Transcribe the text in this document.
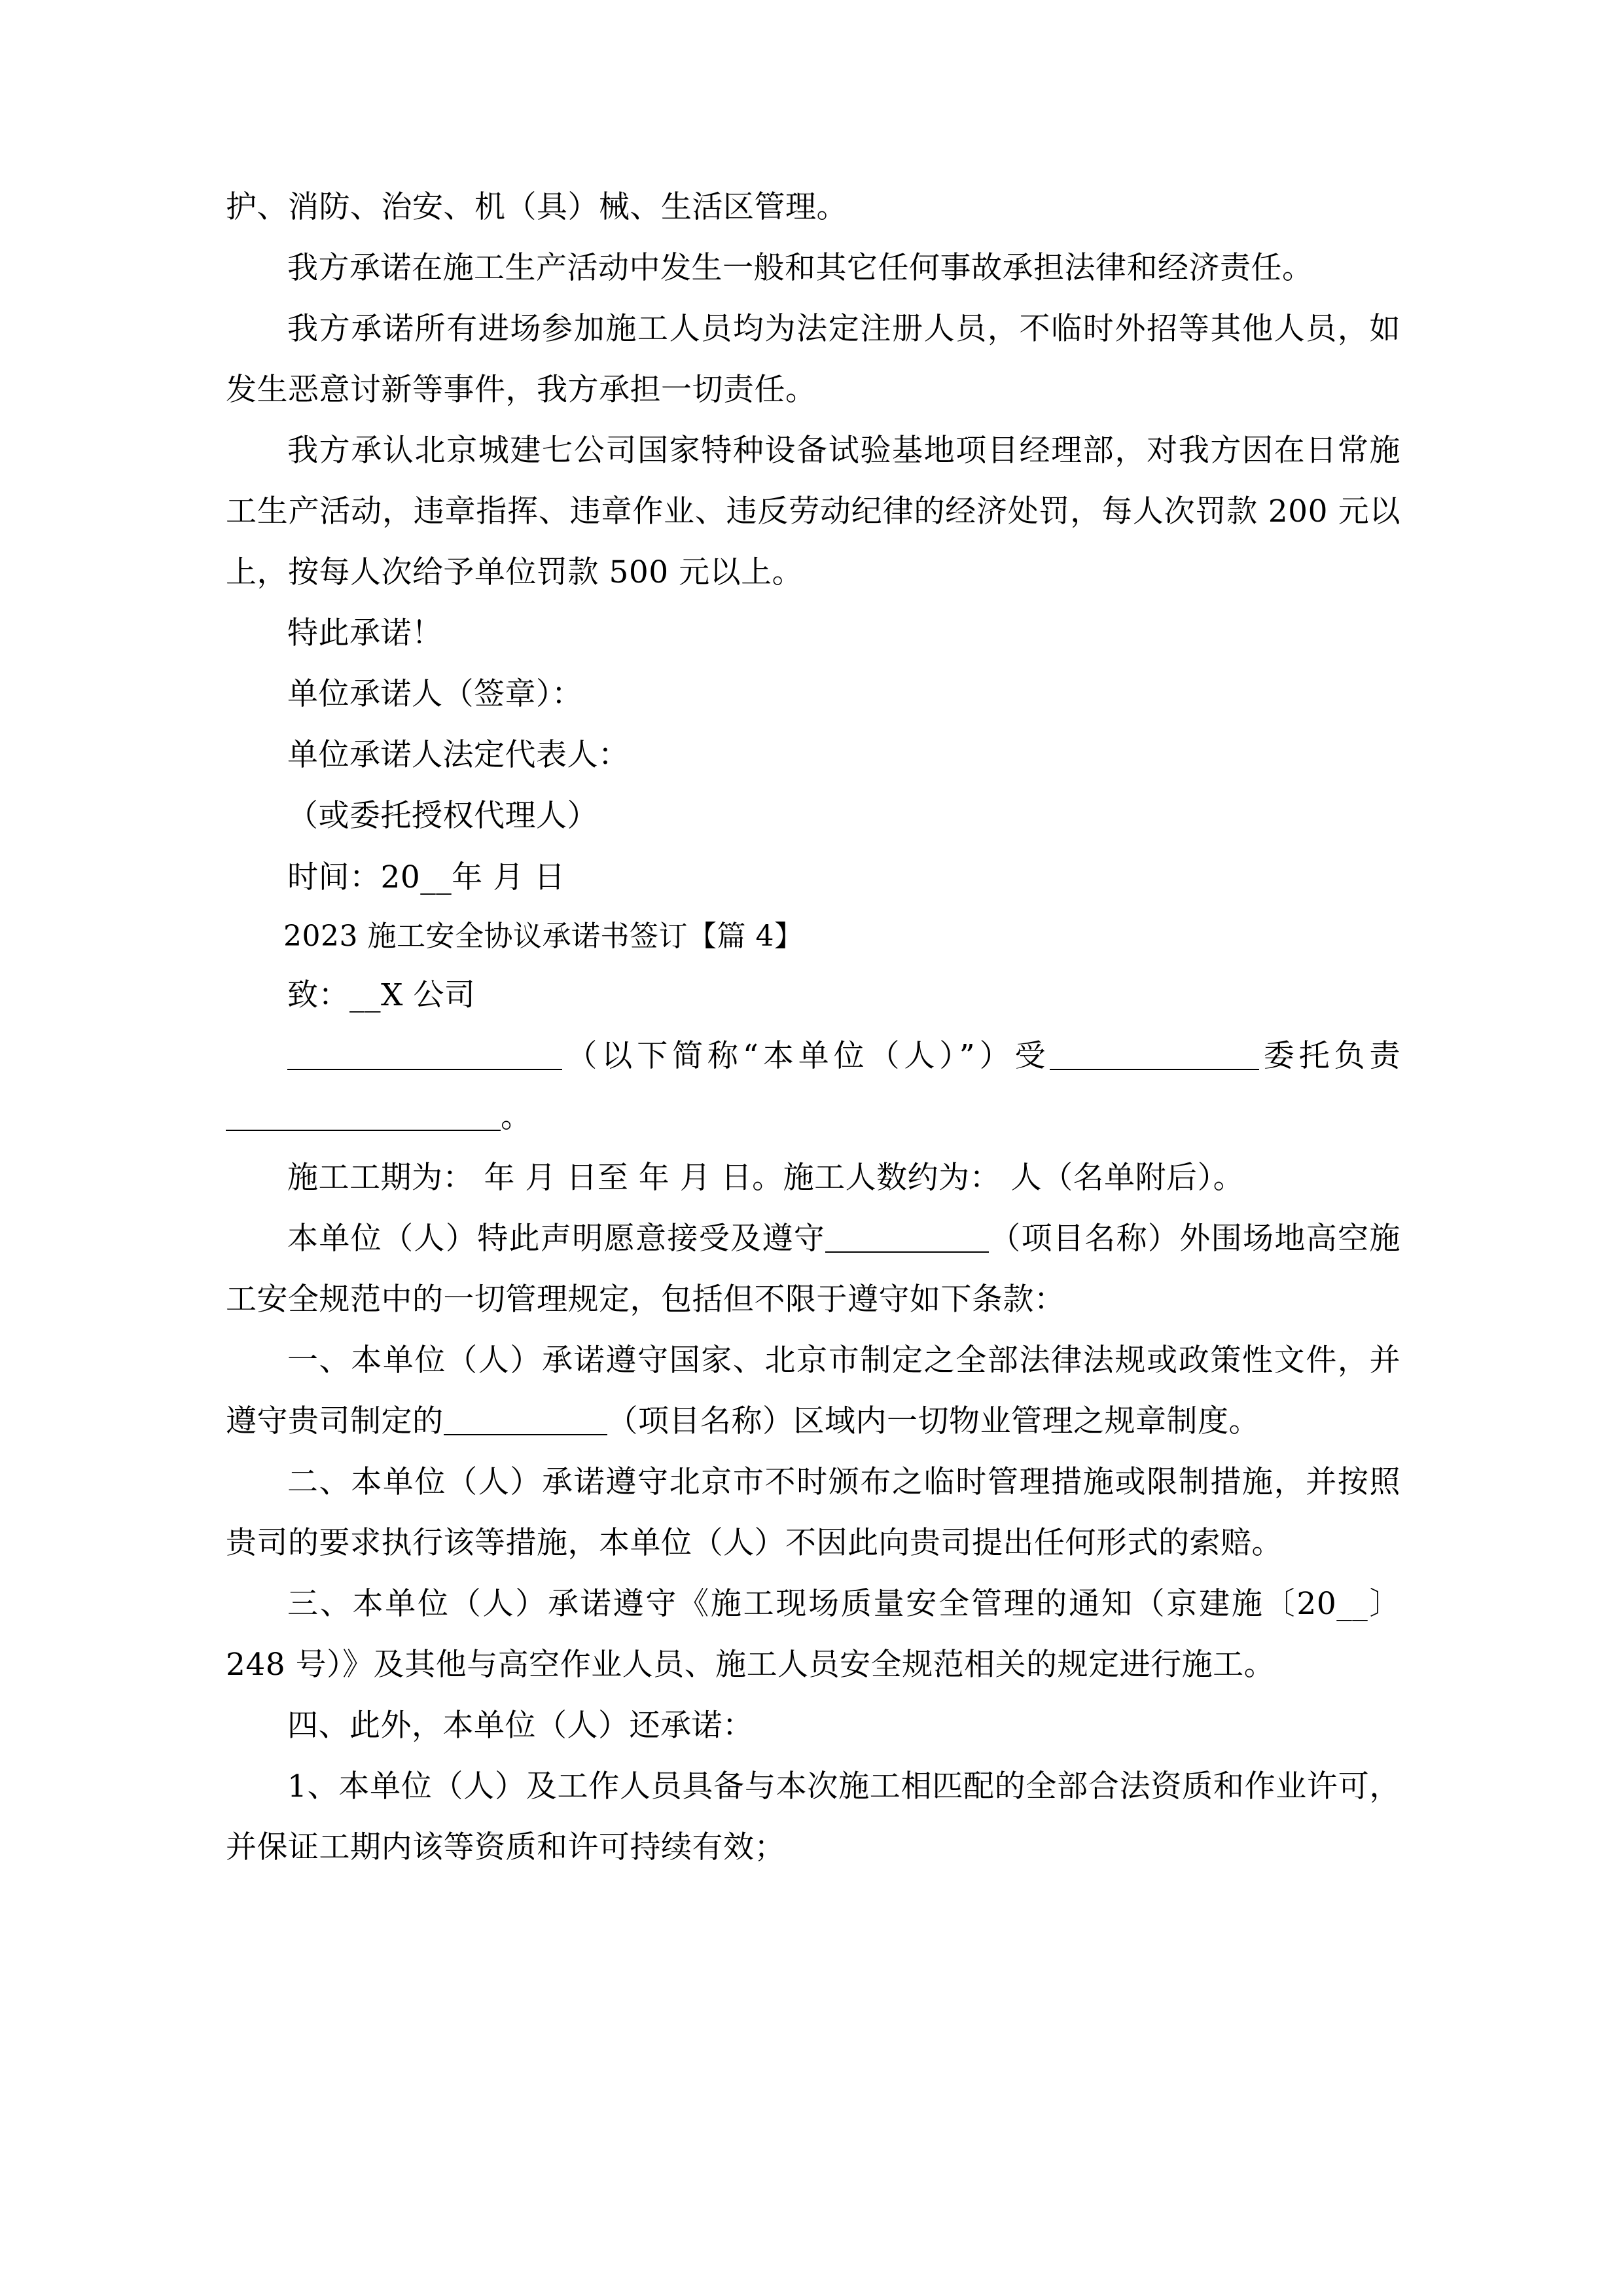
护、消防、治安、机（具）械、生活区管理。

我方承诺在施工生产活动中发生一般和其它任何事故承担法律和经济责任。

我方承诺所有进场参加施工人员均为法定注册人员，不临时外招等其他人员，如发生恶意讨新等事件，我方承担一切责任。

我方承认北京城建七公司国家特种设备试验基地项目经理部，对我方因在日常施工生产活动，违章指挥、违章作业、违反劳动纪律的经济处罚，每人次罚款 200 元以上，按每人次给予单位罚款 500 元以上。

特此承诺！

单位承诺人（签章）：

单位承诺人法定代表人：

（或委托授权代理人）

时间：20__年 月 日

2023 施工安全协议承诺书签订【篇 4】

致：__X 公司

（以下简称“本单位（人）”）受	委托负责。

施工工期为： 年 月 日至 年 月 日。施工人数约为： 人（名单附后）。

本单位（人）特此声明愿意接受及遵守	（项目名称）外围场地高空施工安全规范中的一切管理规定，包括但不限于遵守如下条款：

一、本单位（人）承诺遵守国家、北京市制定之全部法律法规或政策性文件，并遵守贵司制定的	（项目名称）区域内一切物业管理之规章制度。

二、本单位（人）承诺遵守北京市不时颁布之临时管理措施或限制措施，并按照贵司的要求执行该等措施，本单位（人）不因此向贵司提出任何形式的索赔。

三、本单位（人）承诺遵守《施工现场质量安全管理的通知（京建施〔20__〕248 号）》及其他与高空作业人员、施工人员安全规范相关的规定进行施工。

四、此外，本单位（人）还承诺：

1、本单位（人）及工作人员具备与本次施工相匹配的全部合法资质和作业许可，并保证工期内该等资质和许可持续有效；
